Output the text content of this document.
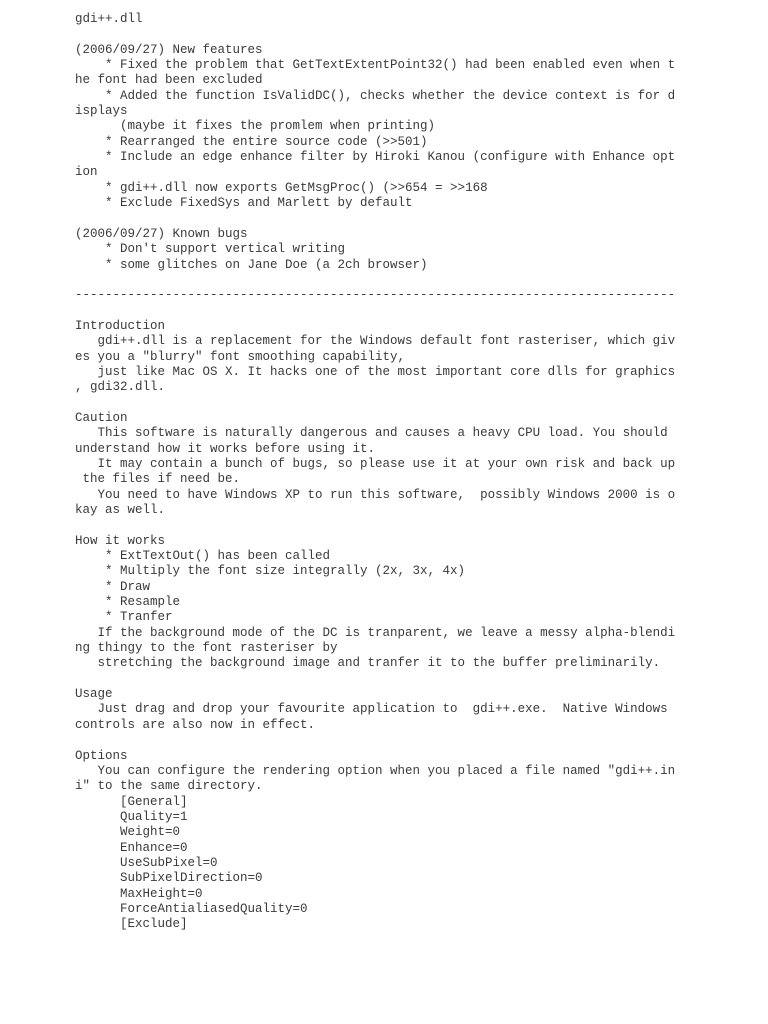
gdi++.dll
(2006/09/27) New features
* Fixed the problem that GetTextExtentPoint32() had been enabled even when t
he font had been excluded
* Added the function IsValidDC(), checks whether the device context is for d
isplays
(maybe it fixes the promlem when printing)
* Rearranged the entire source code (>>501)
* Include an edge enhance filter by Hiroki Kanou (configure with Enhance opt
ion
* gdi++.dll now exports GetMsgProc() (>>654 = >>168
* Exclude FixedSys and Marlett by default
(2006/09/27) Known bugs
* Don't support vertical writing
* some glitches on Jane Doe (a 2ch browser)
--------------------------------------------------------------------------------
Introduction
gdi++.dll is a replacement for the Windows default font rasteriser, which giv
es you a "blurry" font smoothing capability,
just like Mac OS X. It hacks one of the most important core dlls for graphics
, gdi32.dll.
Caution
This software is naturally dangerous and causes a heavy CPU load. You should
understand how it works before using it.
It may contain a bunch of bugs, so please use it at your own risk and back up
the files if need be.
You need to have Windows XP to run this software,  possibly Windows 2000 is o
kay as well.
How it works
* ExtTextOut() has been called
* Multiply the font size integrally (2x, 3x, 4x)
* Draw
* Resample
* Tranfer
If the background mode of the DC is tranparent, we leave a messy alpha-blendi
ng thingy to the font rasteriser by
stretching the background image and tranfer it to the buffer preliminarily.
Usage
Just drag and drop your favourite application to  gdi++.exe.  Native Windows
controls are also now in effect.
Options
You can configure the rendering option when you placed a file named "gdi++.in
i" to the same directory.
[General]
Quality=1
Weight=0
Enhance=0
UseSubPixel=0
SubPixelDirection=0
MaxHeight=0
ForceAntialiasedQuality=0
[Exclude]
